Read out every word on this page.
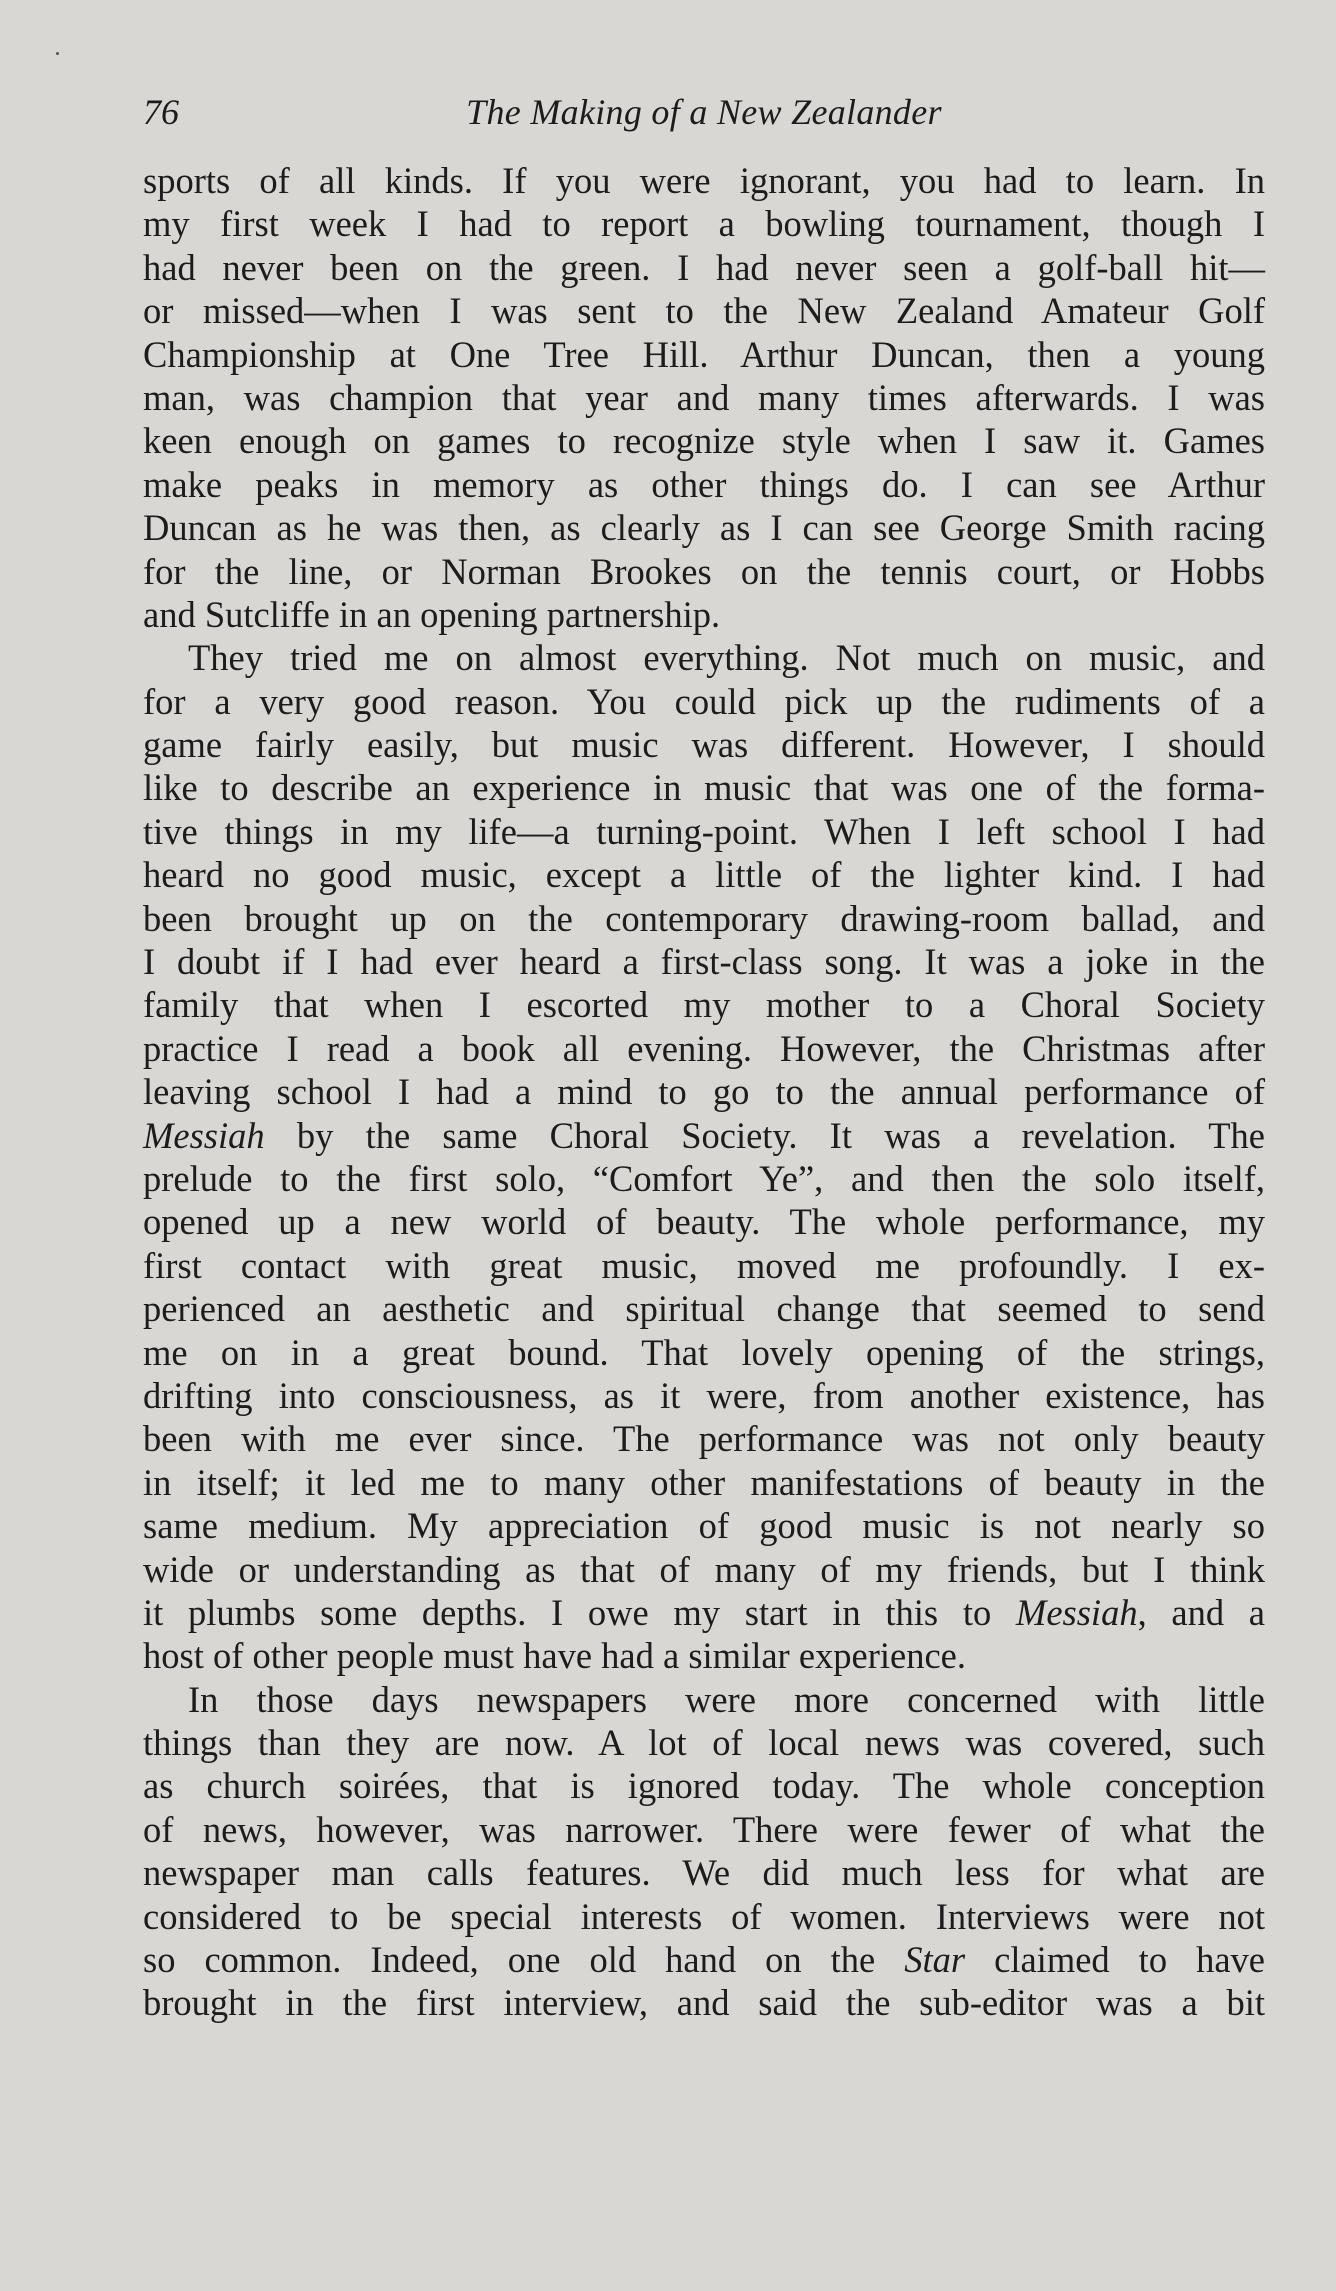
76	The Making of a New Zealander
sports of all kinds. If you were ignorant, you had to learn. In
my first week I had to report a bowling tournament, though I
had never been on the green. I had never seen a golf-ball hit—
or missed—when I was sent to the New Zealand Amateur Golf
Championship at One Tree Hill. Arthur Duncan, then a young
man, was champion that year and many times afterwards. I was
keen enough on games to recognize style when I saw it. Games
make peaks in memory as other things do. I can see Arthur
Duncan as he was then, as clearly as I can see George Smith racing
for the line, or Norman Brookes on the tennis court, or Hobbs
and Sutcliffe in an opening partnership.
They tried me on almost everything. Not much on music, and
for a very good reason. You could pick up the rudiments of a
game fairly easily, but music was different. However, I should
like to describe an experience in music that was one of the forma-
tive things in my life—a turning-point. When I left school I had
heard no good music, except a little of the lighter kind. I had
been brought up on the contemporary drawing-room ballad, and
I doubt if I had ever heard a first-class song. It was a joke in the
family that when I escorted my mother to a Choral Society
practice I read a book all evening. However, the Christmas after
leaving school I had a mind to go to the annual performance of
Messiah by the same Choral Society. It was a revelation. The
prelude to the first solo, “Comfort Ye”, and then the solo itself,
opened up a new world of beauty. The whole performance, my
first contact with great music, moved me profoundly. I ex-
perienced an aesthetic and spiritual change that seemed to send
me on in a great bound. That lovely opening of the strings,
drifting into consciousness, as it were, from another existence, has
been with me ever since. The performance was not only beauty
in itself; it led me to many other manifestations of beauty in the
same medium. My appreciation of good music is not nearly so
wide or understanding as that of many of my friends, but I think
it plumbs some depths. I owe my start in this to Messiah, and a
host of other people must have had a similar experience.
In those days newspapers were more concerned with little
things than they are now. A lot of local news was covered, such
as church soirées, that is ignored today. The whole conception
of news, however, was narrower. There were fewer of what the
newspaper man calls features. We did much less for what are
considered to be special interests of women. Interviews were not
so common. Indeed, one old hand on the Star claimed to have
brought in the first interview, and said the sub-editor was a bit
